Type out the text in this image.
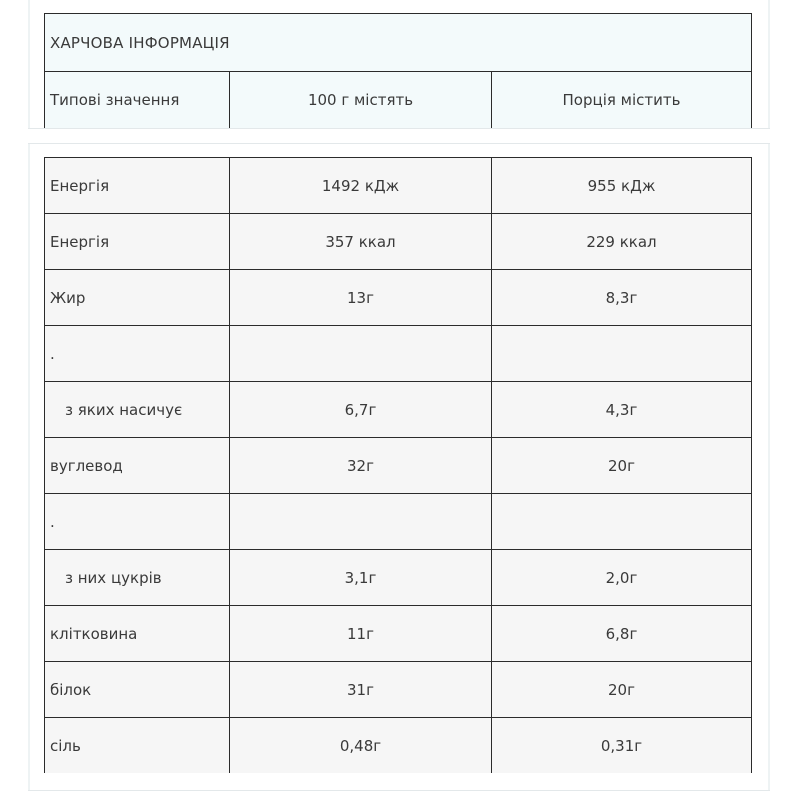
ХАРЧОВА ІНФОРМАЦІЯ
Типові значення	100 г містять	Порція містить
Енергія	1492 кДж	955 кДж
Енергія	357 ккал	229 ккал
Жир	13г	8,3г
.
з яких насичує	6,7г	4,3г
вуглевод	32г	20г
.
з них цукрів	3,1г	2,0г
клітковина	11г	6,8г
білок	31г	20г
сіль	0,48г	0,31г
